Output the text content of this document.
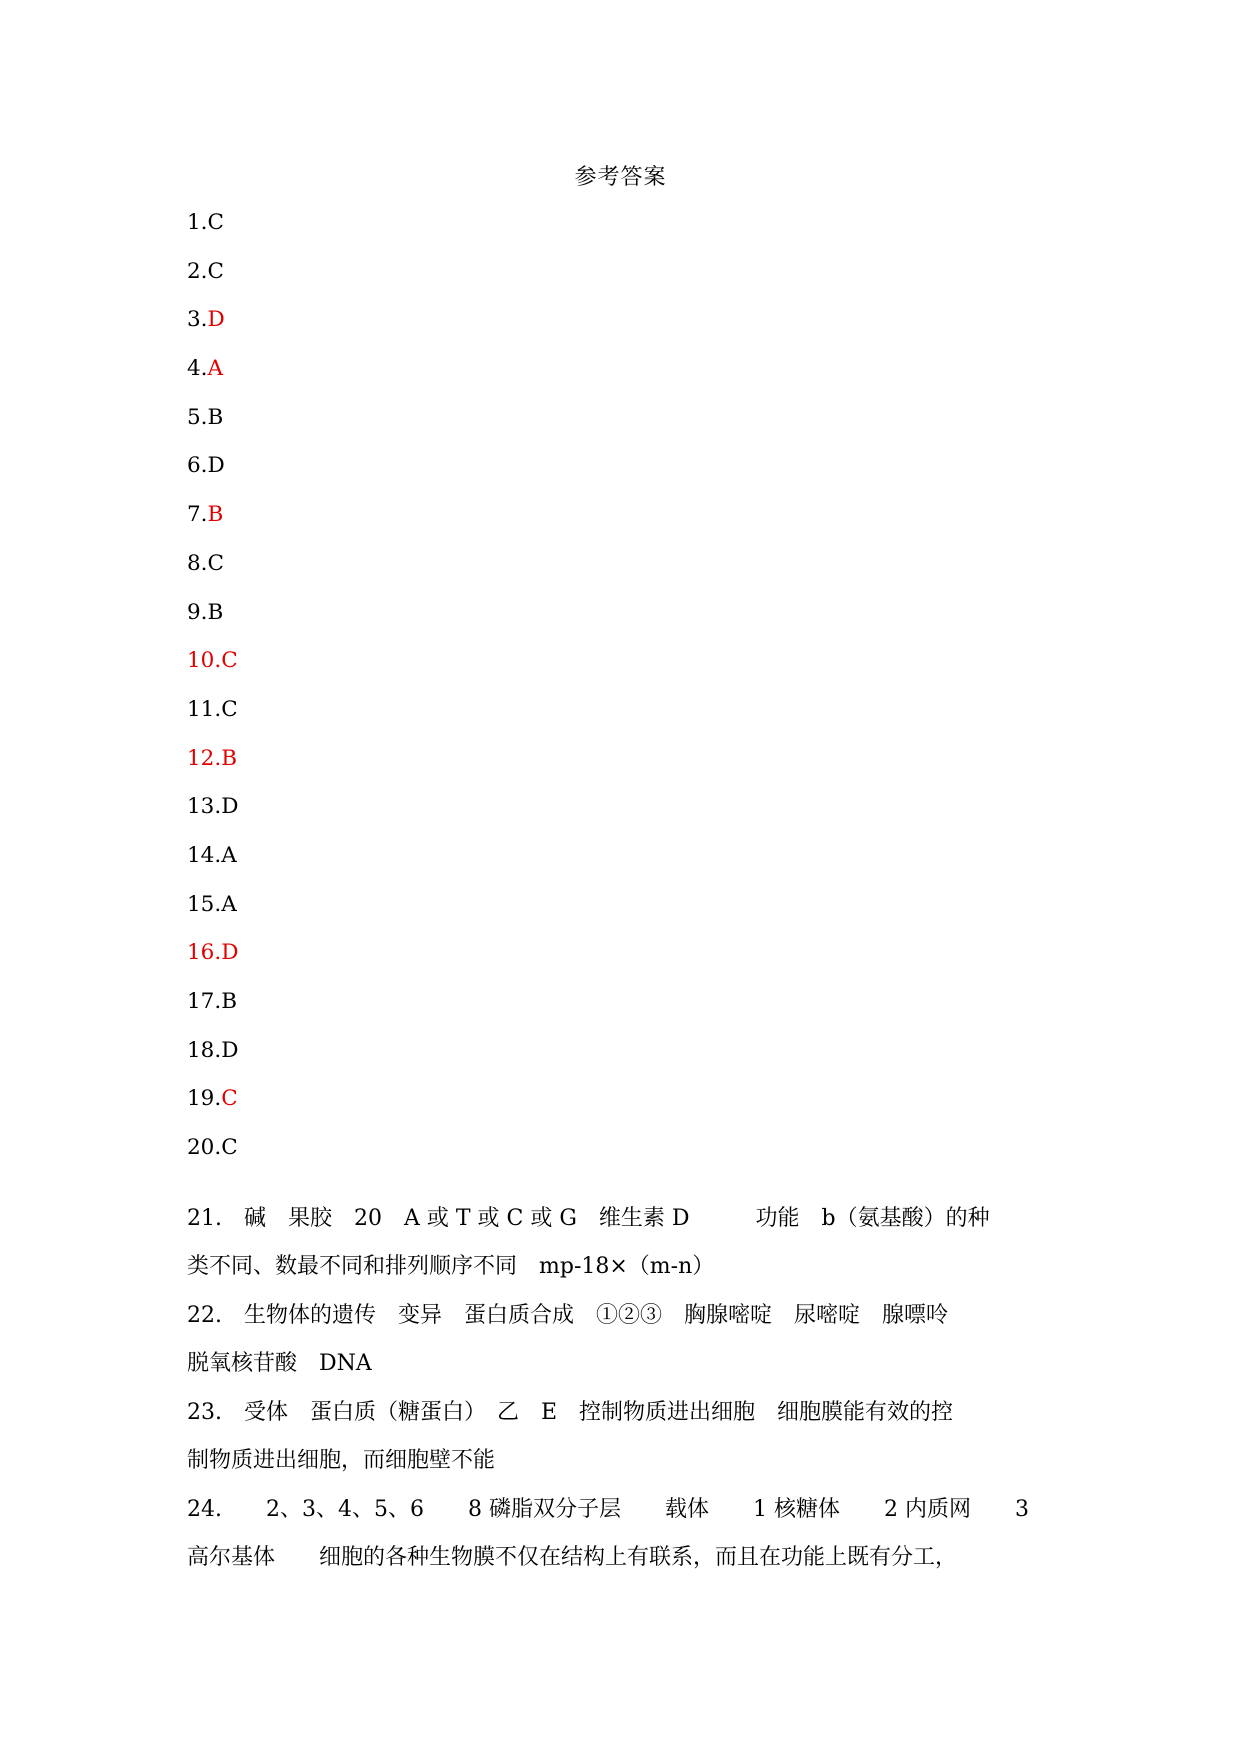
参考答案
1.C
2.C
3.D
4.A
5.B
6.D
7.B
8.C
9.B
10.C
11.C
12.B
13.D
14.A
15.A
16.D
17.B
18.D
19.C
20.C
21.　碱　果胶　20　A 或 T 或 C 或 G　维生素 D　　　功能　b（氨基酸）的种
类不同、数最不同和排列顺序不同　mp-18×（m-n）
22.　生物体的遗传　变异　蛋白质合成　①②③　胸腺嘧啶　尿嘧啶　腺嘌呤
脱氧核苷酸　DNA
23.　受体　蛋白质（糖蛋白）　乙　E　控制物质进出细胞　细胞膜能有效的控
制物质进出细胞，而细胞壁不能
24.　　2、3、4、5、6　　8 磷脂双分子层　　载体　　1 核糖体　　2 内质网　　3
高尔基体　　细胞的各种生物膜不仅在结构上有联系，而且在功能上既有分工，
